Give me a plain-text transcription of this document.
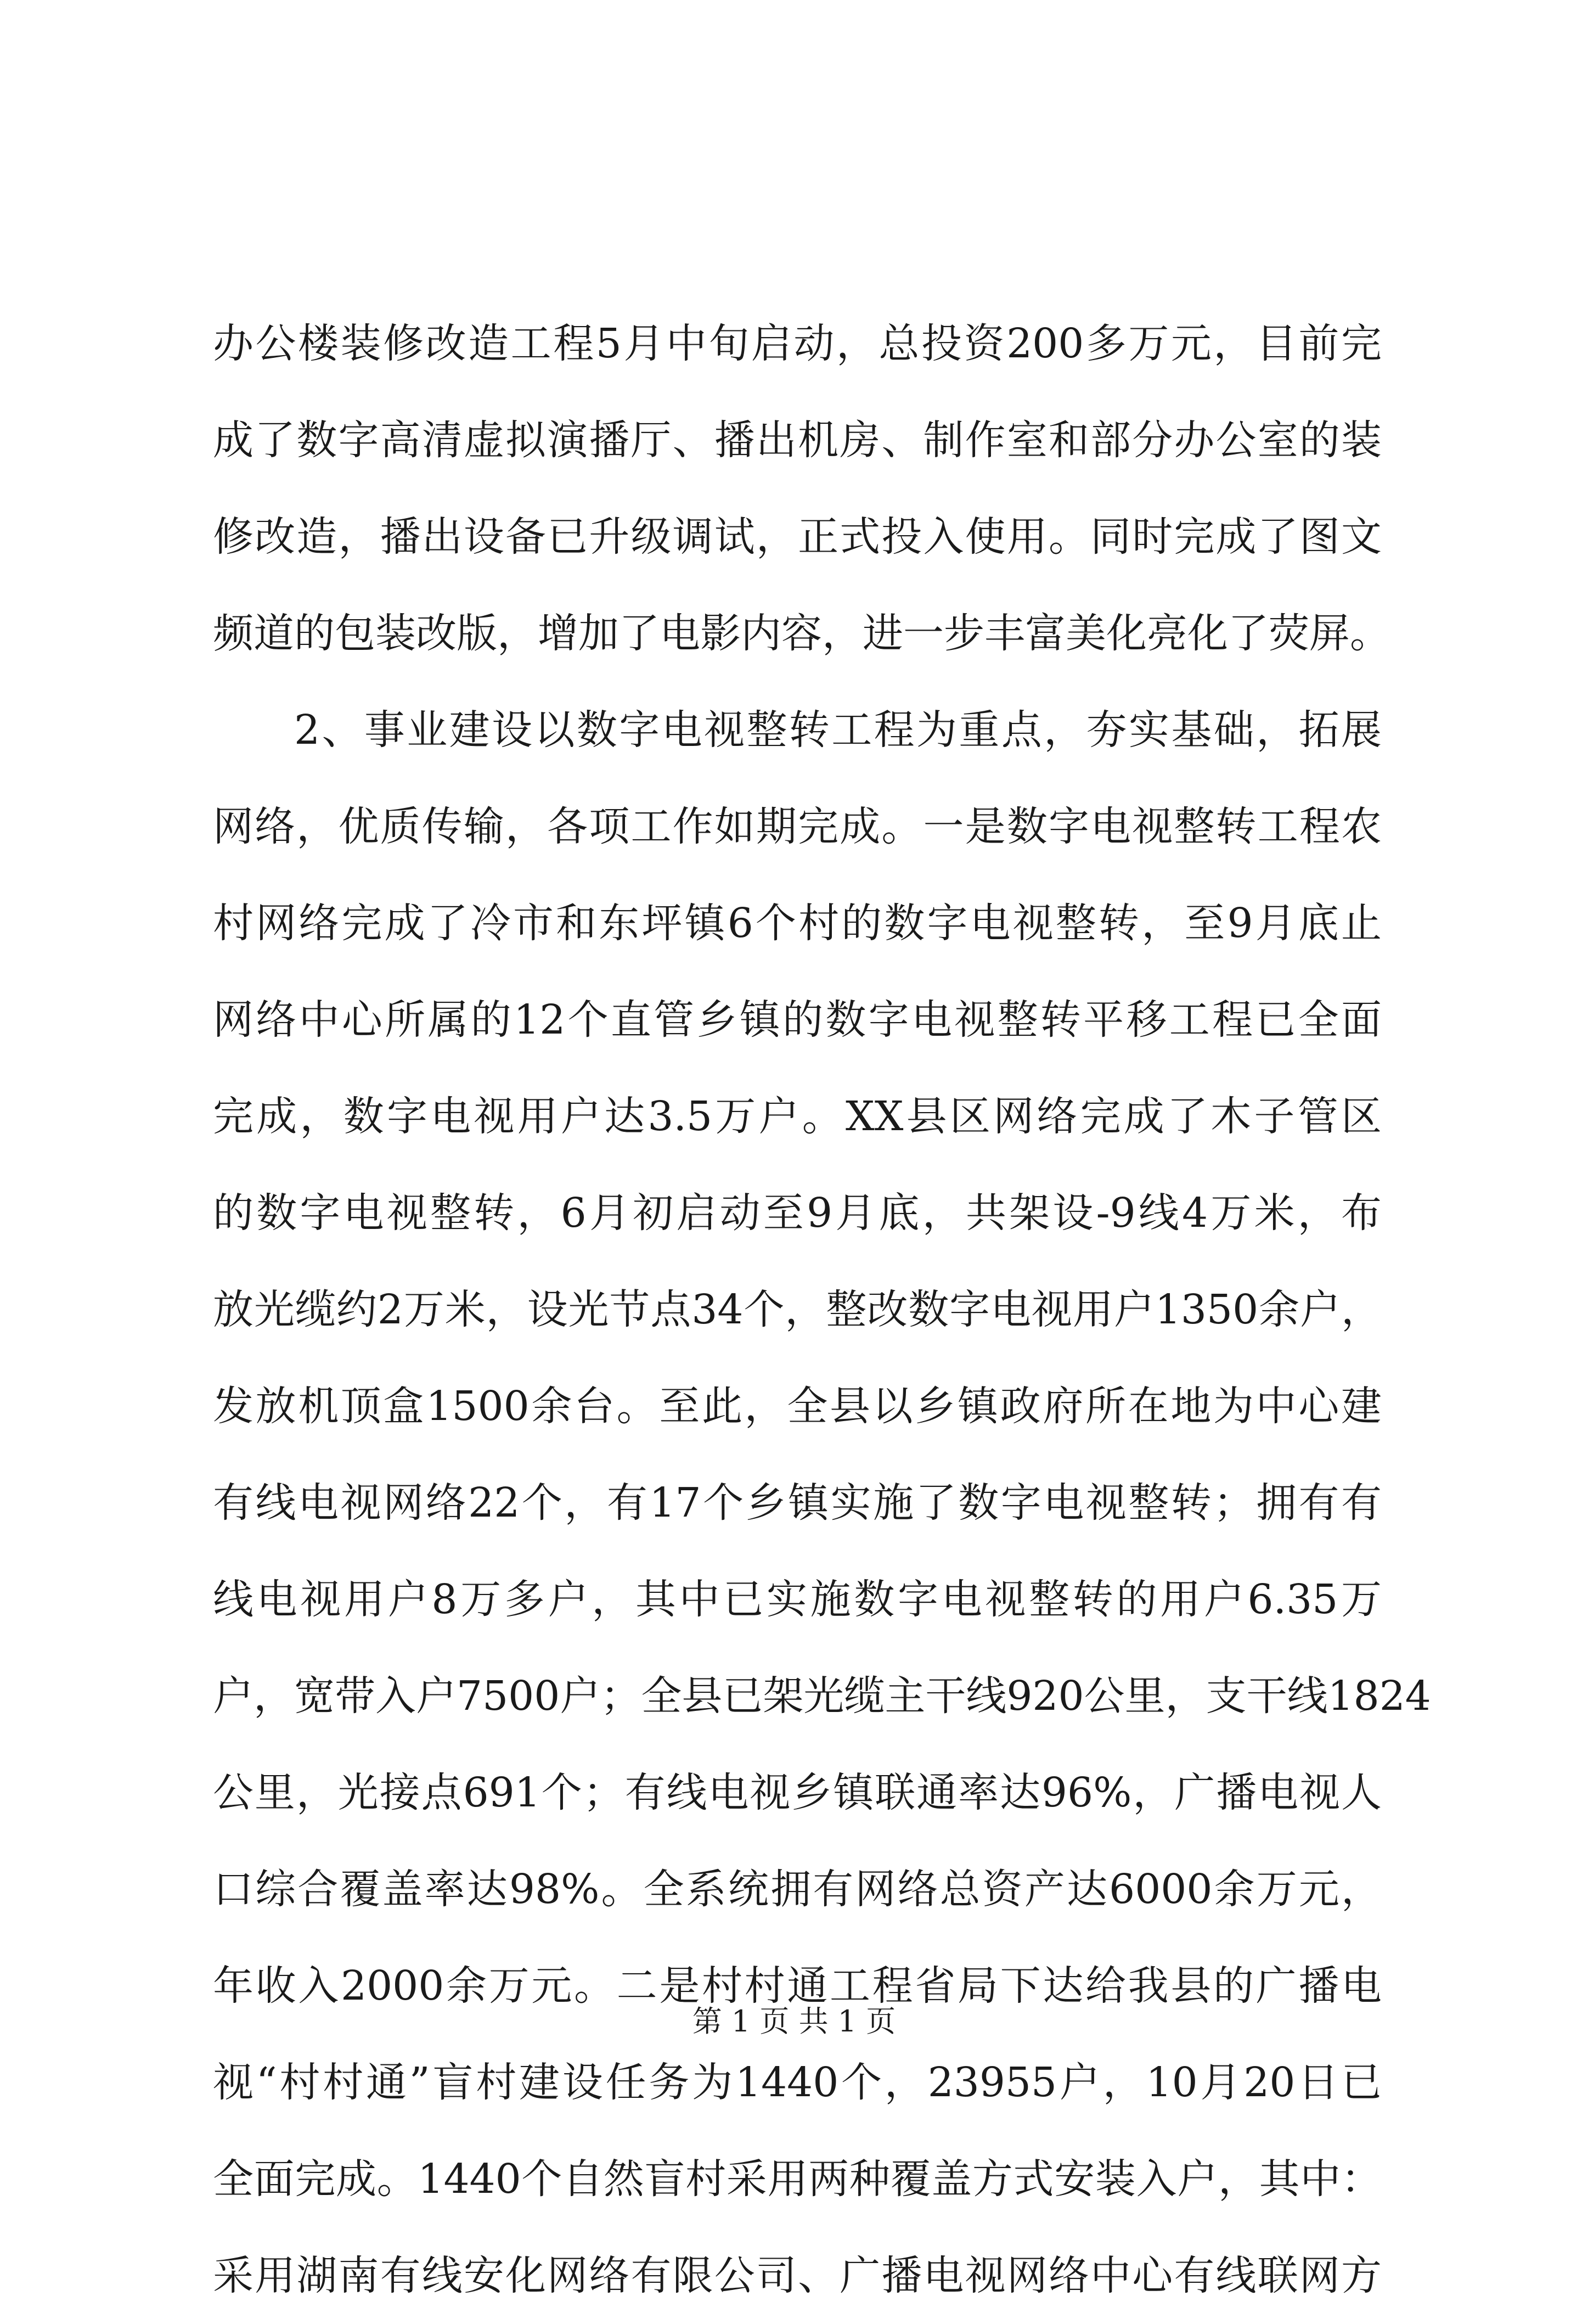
办公楼装修改造工程5月中旬启动，总投资200多万元，目前完
成了数字高清虚拟演播厅、播出机房、制作室和部分办公室的装
修改造，播出设备已升级调试，正式投入使用。同时完成了图文
频道的包装改版，增加了电影内容，进一步丰富美化亮化了荧屏。
2、事业建设以数字电视整转工程为重点，夯实基础，拓展
网络，优质传输，各项工作如期完成。一是数字电视整转工程农
村网络完成了冷市和东坪镇6个村的数字电视整转，至9月底止
网络中心所属的12个直管乡镇的数字电视整转平移工程已全面
完成，数字电视用户达3.5万户。XX县区网络完成了木子管区
的数字电视整转，6月初启动至9月底，共架设-9线4万米，布
放光缆约2万米，设光节点34个，整改数字电视用户1350余户，
发放机顶盒1500余台。至此，全县以乡镇政府所在地为中心建
有线电视网络22个，有17个乡镇实施了数字电视整转；拥有有
线电视用户8万多户，其中已实施数字电视整转的用户6.35万
户，宽带入户7500户；全县已架光缆主干线920公里，支干线1824
公里，光接点691个；有线电视乡镇联通率达96%，广播电视人
口综合覆盖率达98%。全系统拥有网络总资产达6000余万元，
年收入2000余万元。二是村村通工程省局下达给我县的广播电
视“村村通”盲村建设任务为1440个，23955户，10月20日已
全面完成。1440个自然盲村采用两种覆盖方式安装入户，其中：
采用湖南有线安化网络有限公司、广播电视网络中心有线联网方
第 1 页 共 1 页
